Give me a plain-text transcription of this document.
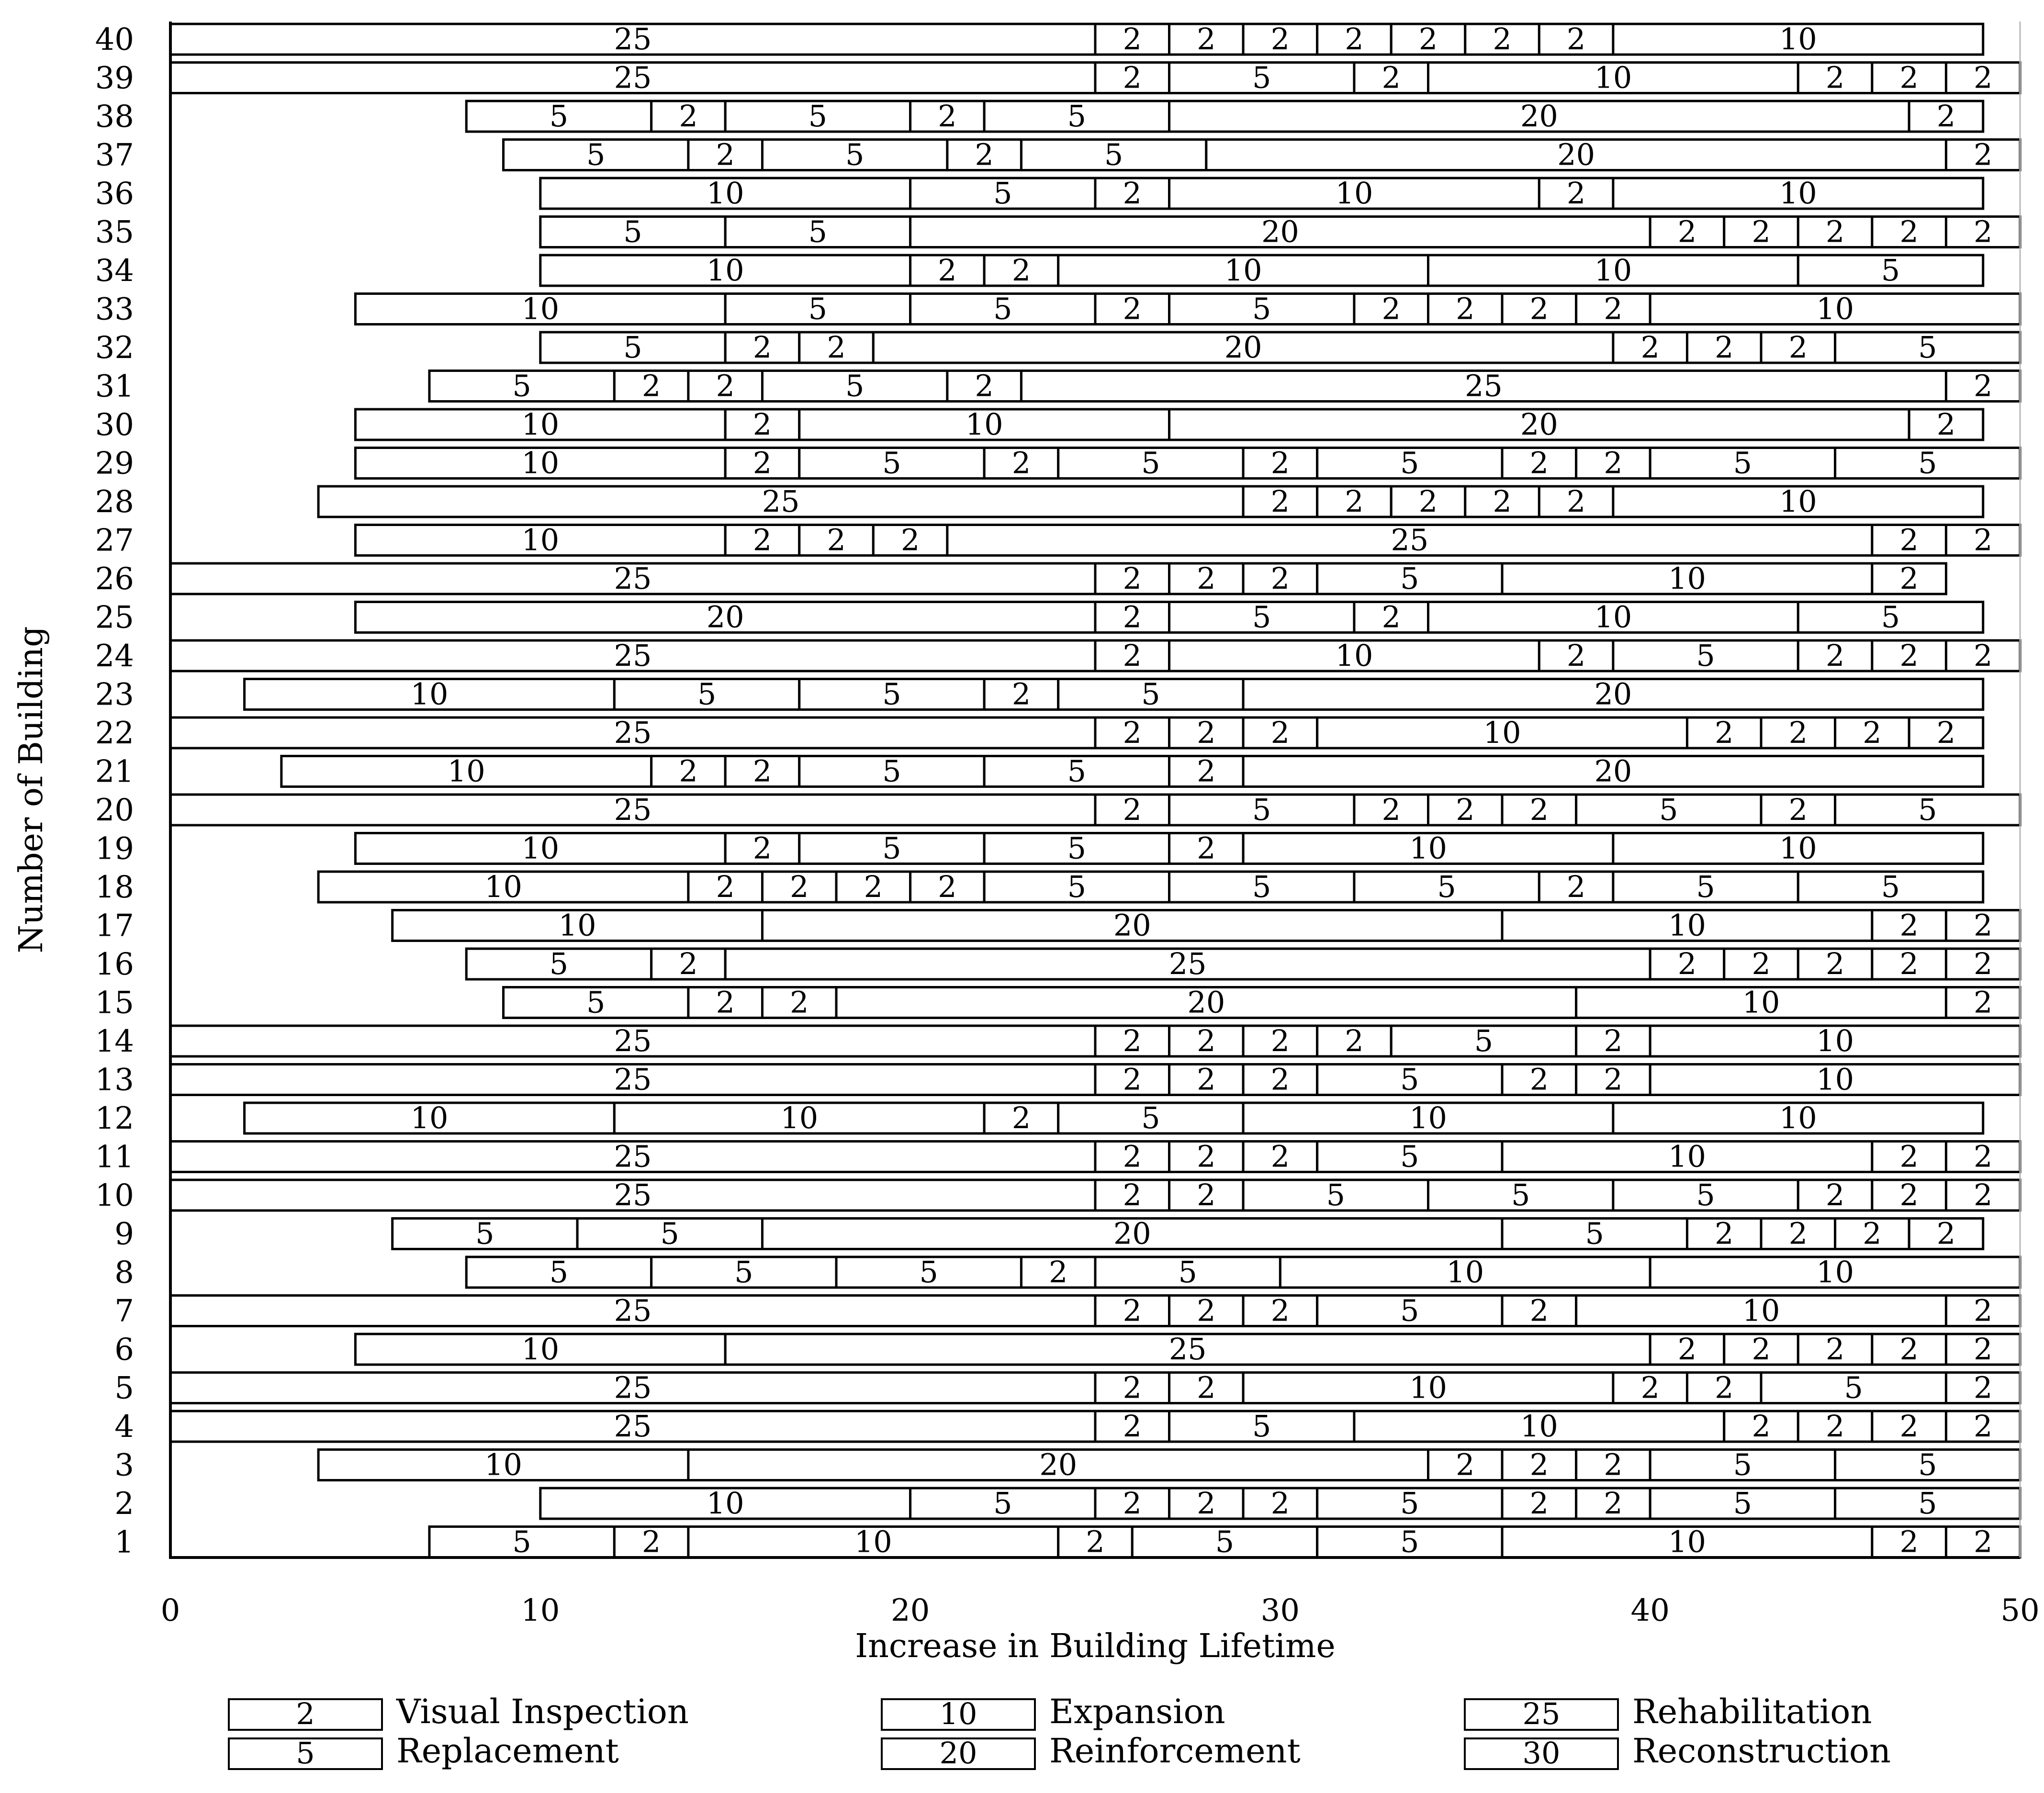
5	2	10	2	5	5	10	2 2
10	5	2 2 2	5	2 2	5	5
10	20	2 2 2	5	5
25	2	5	10	2 2 2 2
25	2 2	10	2 2	5	2
10	25	2 2 2 2 2
25	2 2 2	5	2	10	2
5	5	5	2	5	10	10
5	5	20	5	2 2 2 2
25	2 2	5	5	5	2 2 2
25	2 2 2	5	10	2 2
10	10	2	5	10	10
25	2 2 2	5	2 2	10
25	2 2 2 2	5	2	10
5	2 2	20	10	2
5	2	25	2 2 2 2 2
10	20	10	2 2
10	2 2 2 2	5	5	5	2	5	5
10	2	5	5	2	10	10
25	2	5	2 2 2	5	2	5
10	2 2	5	5	2	20
25	2 2 2	10	2 2 2 2
10	5	5	2	5	20
25	2	10	2	5	2 2 2
20	2	5	2	10	5
25	2 2 2	5	10	2
10	2 2 2	25	2 2
25	2 2 2 2 2	10
10	2	5	2	5	2	5	2 2	5	5
10	2	10	20	2
5	2 2	5	2	25	2
5	2 2	20	2 2 2	5
10	5	5	2	5	2 2 2 2	10
10	2 2	10	10	5
5	5	20	2 2 2 2 2
10	5	2	10	2	10
5	2	5	2	5	20	2
5	2	5	2	5	20	2
25	2	5	2	10	2 2 2
25	2 2 2 2 2 2 2	10
1
2
3
4
5
6
7
8
9
10
11
12
13
14
15
16
17
18
19
20
21
22
23
24
25
26
27
28
29
30
31
32
33
34
35
36
37
38
39
40
0	10	20	30	40	50
Increase in Building Lifetime
Number of Building
2 Visual Inspection
5 Replacement
10 Expansion
20 Reinforcement
25 Rehabilitation
30 Reconstruction
